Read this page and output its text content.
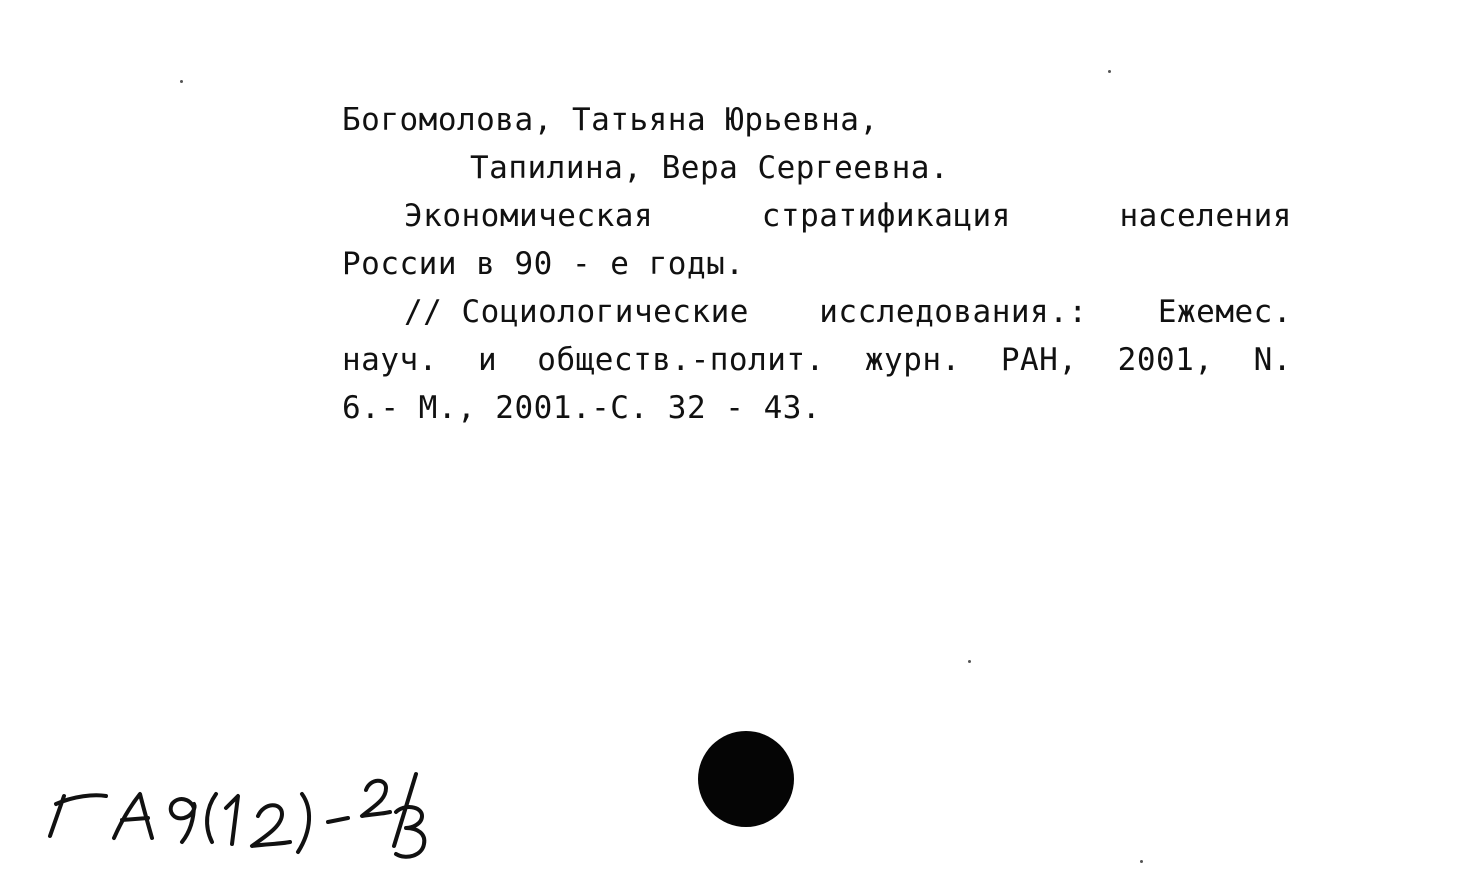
Богомолова, Татьяна Юрьевна,
Тапилина, Вера Сергеевна.
Экономическая	стратификация	населения
России в 90 - е годы.
// Социологические исследования.: Ежемес.
науч. и обществ.-полит. журн. РАН, 2001, N.
6.- М., 2001.-С. 32 - 43.
